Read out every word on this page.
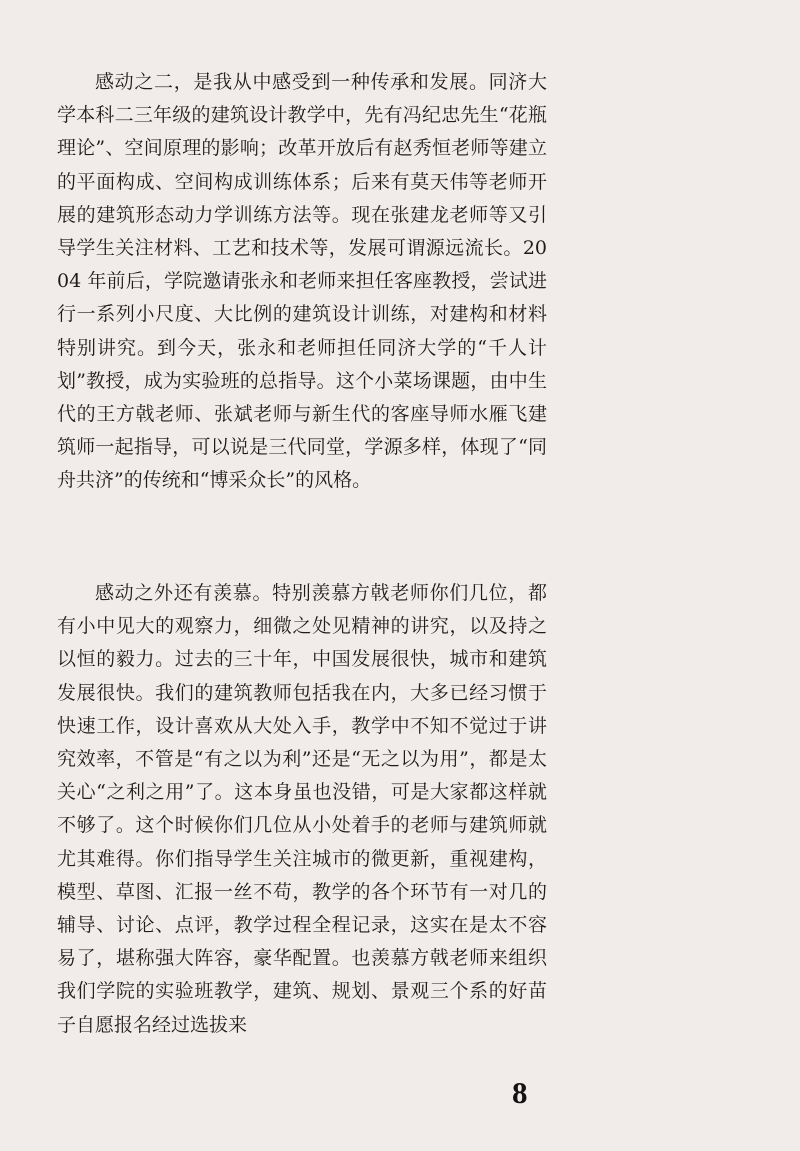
感动之二，是我从中感受到一种传承和发展。同济大学本科二三年级的建筑设计教学中，先有冯纪忠先生“花瓶理论”、空间原理的影响；改革开放后有赵秀恒老师等建立的平面构成、空间构成训练体系；后来有莫天伟等老师开展的建筑形态动力学训练方法等。现在张建龙老师等又引导学生关注材料、工艺和技术等，发展可谓源远流长。2004 年前后，学院邀请张永和老师来担任客座教授，尝试进行一系列小尺度、大比例的建筑设计训练，对建构和材料特别讲究。到今天，张永和老师担任同济大学的“千人计划”教授，成为实验班的总指导。这个小菜场课题，由中生代的王方戟老师、张斌老师与新生代的客座导师水雁飞建筑师一起指导，可以说是三代同堂，学源多样，体现了“同舟共济”的传统和“博采众长”的风格。

感动之外还有羡慕。特别羡慕方戟老师你们几位，都有小中见大的观察力，细微之处见精神的讲究，以及持之以恒的毅力。过去的三十年，中国发展很快，城市和建筑发展很快。我们的建筑教师包括我在内，大多已经习惯于快速工作，设计喜欢从大处入手，教学中不知不觉过于讲究效率，不管是“有之以为利”还是“无之以为用”，都是太关心“之利之用”了。这本身虽也没错，可是大家都这样就不够了。这个时候你们几位从小处着手的老师与建筑师就尤其难得。你们指导学生关注城市的微更新，重视建构，模型、草图、汇报一丝不苟，教学的各个环节有一对几的辅导、讨论、点评，教学过程全程记录，这实在是太不容易了，堪称强大阵容，豪华配置。也羡慕方戟老师来组织我们学院的实验班教学，建筑、规划、景观三个系的好苗子自愿报名经过选拔来

8
